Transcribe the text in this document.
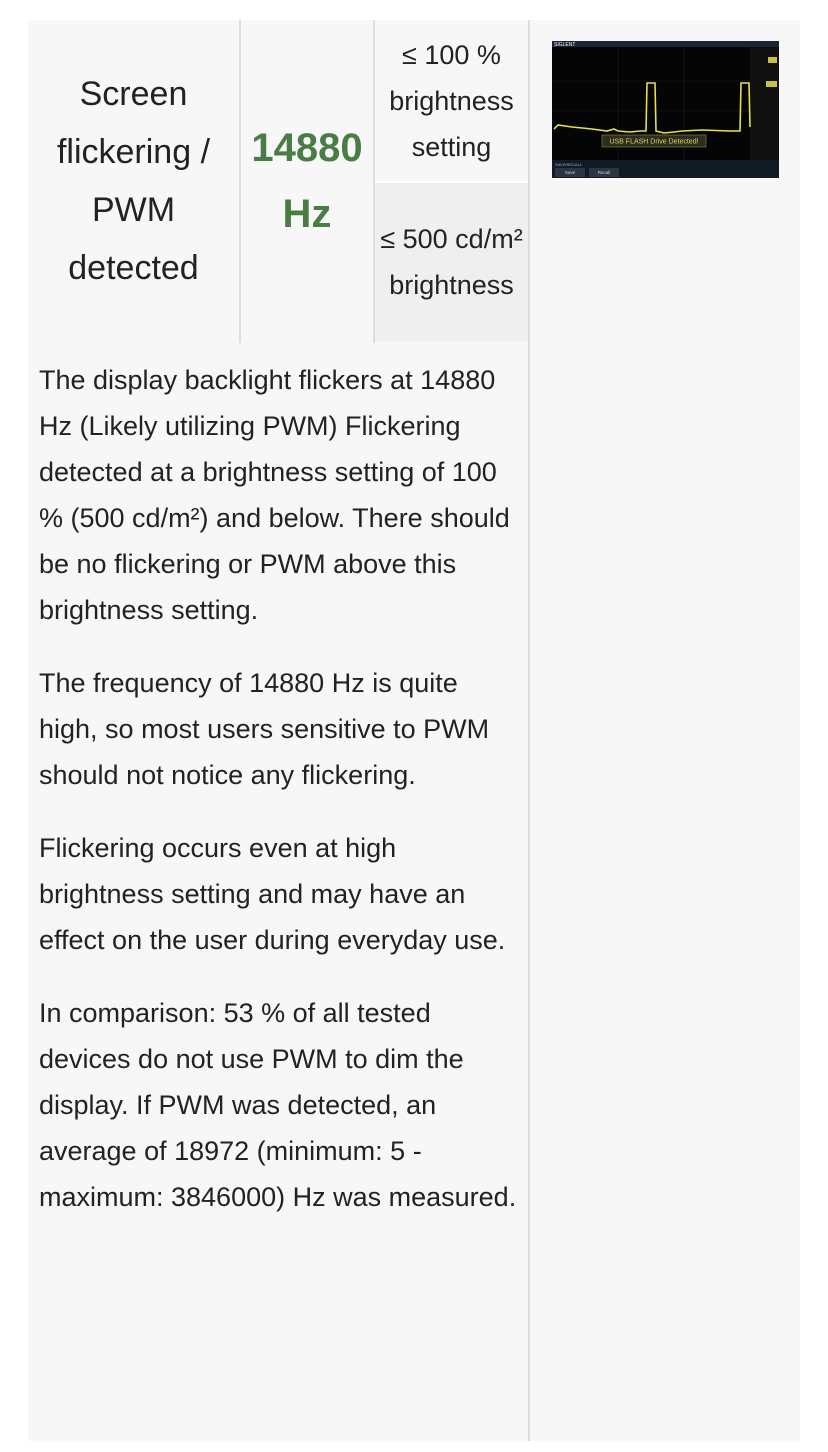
Screen flickering / PWM detected
14880 Hz
≤ 100 % brightness setting
≤ 500 cd/m² brightness
SIGLENT
USB FLASH Drive Detected!
SAVE/RECALL
Save	Recall

The display backlight flickers at 14880 Hz (Likely utilizing PWM) Flickering detected at a brightness setting of 100 % (500 cd/m²) and below. There should be no flickering or PWM above this brightness setting.

The frequency of 14880 Hz is quite high, so most users sensitive to PWM should not notice any flickering.

Flickering occurs even at high brightness setting and may have an effect on the user during everyday use.

In comparison: 53 % of all tested devices do not use PWM to dim the display. If PWM was detected, an average of 18972 (minimum: 5 - maximum: 3846000) Hz was measured.
